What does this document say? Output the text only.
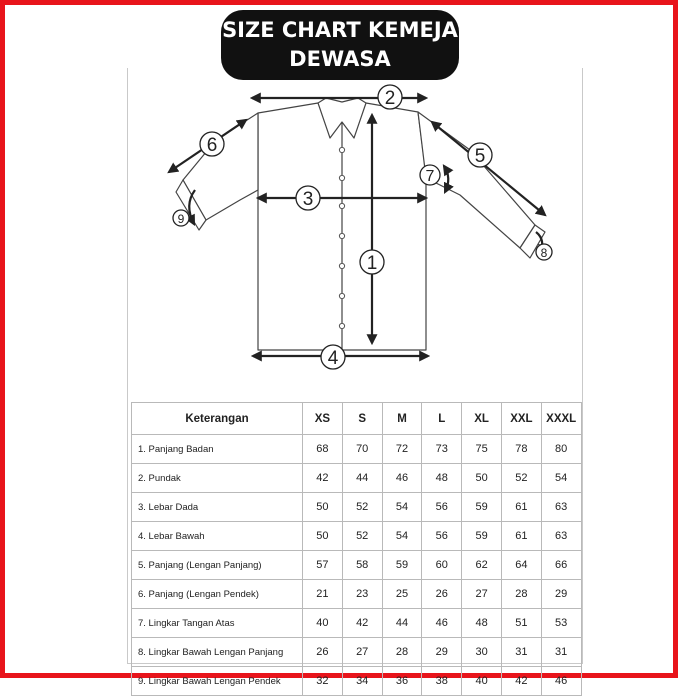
2
1
3
4
5
6
7
8
9
SIZE CHART KEMEJA
DEWASA
Keterangan	XS	S	M	L	XL	XXL	XXXL
1. Panjang Badan	68	70	72	73	75	78	80
2. Pundak	42	44	46	48	50	52	54
3. Lebar Dada	50	52	54	56	59	61	63
4. Lebar Bawah	50	52	54	56	59	61	63
5. Panjang (Lengan Panjang)	57	58	59	60	62	64	66
6. Panjang (Lengan Pendek)	21	23	25	26	27	28	29
7. Lingkar Tangan Atas	40	42	44	46	48	51	53
8. Lingkar Bawah Lengan Panjang	26	27	28	29	30	31	31
9. Lingkar Bawah Lengan Pendek	32	34	36	38	40	42	46
